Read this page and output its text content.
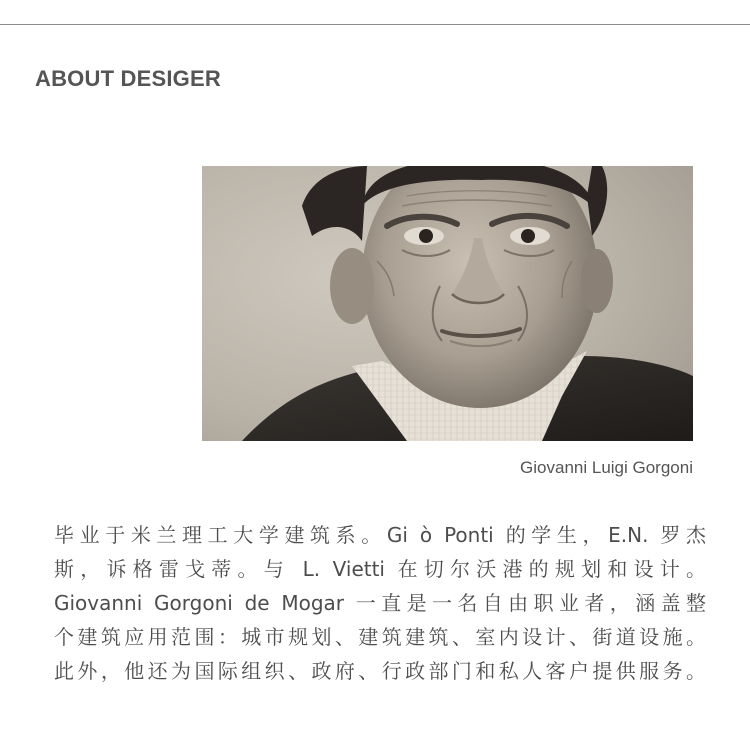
ABOUT DESIGER

Giovanni Luigi Gorgoni

毕业于米兰理工大学建筑系。Gi ò Ponti 的学生，E.N. 罗杰
斯，诉格雷戈蒂。与 L. Vietti 在切尔沃港的规划和设计。
Giovanni Gorgoni de Mogar 一直是一名自由职业者，涵盖整
个建筑应用范围：城市规划、建筑建筑、室内设计、街道设施。
此外，他还为国际组织、政府、行政部门和私人客户提供服务。
